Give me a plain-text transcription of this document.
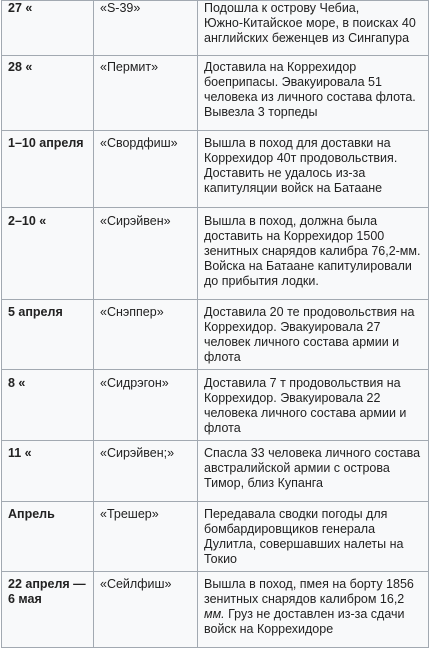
27 «	«S-39»	Подошла к острову Чебиа,
Южно-Китайское море, в поисках 40
английских беженцев из Сингапура

28 «	«Пермит»	Доставила на Коррехидор
боеприпасы. Эвакуировала 51
человека из личного состава флота.
Вывезла 3 торпеды

1–10 апреля	«Свордфиш»	Вышла в поход для доставки на
Коррехидор 40т продовольствия.
Доставить не удалось из-за
капитуляции войск на Батаане

2–10 «	«Сирэйвен»	Вышла в поход, должна была
доставить на Коррехидор 1500
зенитных снарядов калибра 76,2-мм.
Войска на Батаане капитулировали
до прибытия лодки.

5 апреля	«Снэппер»	Доставила 20 те продовольствия на
Коррехидор. Эвакуировала 27
человек личного состава армии и
флота

8 «	«Сидрэгон»	Доставила 7 т продовольствия на
Коррехидор. Эвакуировала 22
человека личного состава армии и
флота

11 «	«Сирэйвен;»	Спасла 33 человека личного состава
австралийской армии с острова
Тимор, близ Купанга

Апрель	«Трешер»	Передавала сводки погоды для
бомбардировщиков генерала
Дулитла, совершавших налеты на
Токио

22 апреля —
6 мая	«Сейлфиш»	Вышла в поход, пмея на борту 1856
зенитных снарядов калибром 16,2
мм. Груз не доставлен из-за сдачи
войск на Коррехидоре
